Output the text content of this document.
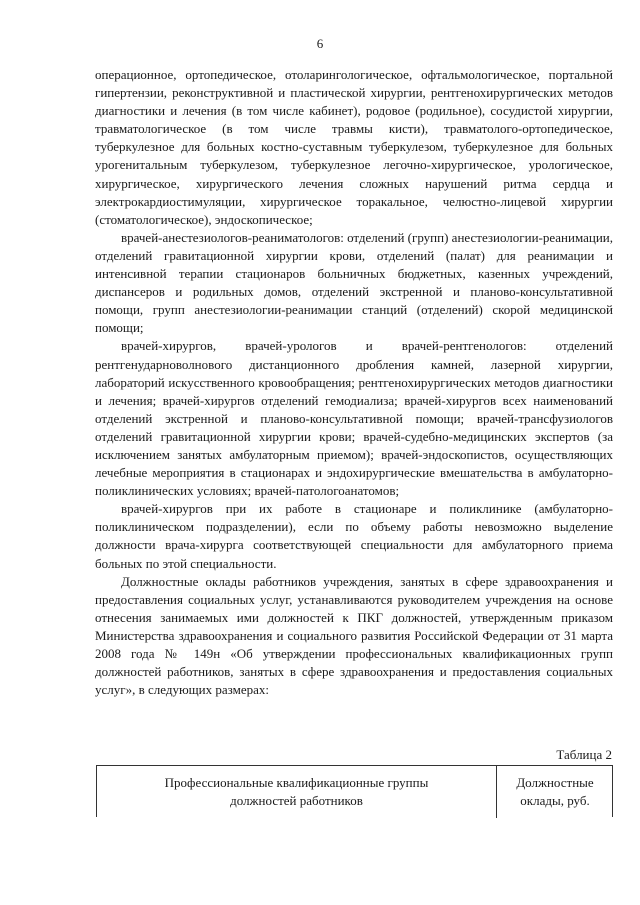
6

операционное, ортопедическое, отоларингологическое, офтальмологическое, портальной гипертензии, реконструктивной и пластической хирургии, рентгенохирургических методов диагностики и лечения (в том числе кабинет), родовое (родильное), сосудистой хирургии, травматологическое (в том числе травмы кисти), травматолого-ортопедическое, туберкулезное для больных костно-суставным туберкулезом, туберкулезное для больных урогенитальным туберкулезом, туберкулезное легочно-хирургическое, урологическое, хирургическое, хирургического лечения сложных нарушений ритма сердца и электрокардиостимуляции, хирургическое торакальное, челюстно-лицевой хирургии (стоматологическое), эндоскопическое;

врачей-анестезиологов-реаниматологов: отделений (групп) анестезиологии-реанимации, отделений гравитационной хирургии крови, отделений (палат) для реанимации и интенсивной терапии стационаров больничных бюджетных, казенных учреждений, диспансеров и родильных домов, отделений экстренной и планово-консультативной помощи, групп анестезиологии-реанимации станций (отделений) скорой медицинской помощи;

врачей-хирургов, врачей-урологов и врачей-рентгенологов: отделений рентгенударноволнового дистанционного дробления камней, лазерной хирургии, лабораторий искусственного кровообращения; рентгенохирургических методов диагностики и лечения; врачей-хирургов отделений гемодиализа; врачей-хирургов всех наименований отделений экстренной и планово-консультативной помощи; врачей-трансфузиологов отделений гравитационной хирургии крови; врачей-судебно-медицинских экспертов (за исключением занятых амбулаторным приемом); врачей-эндоскопистов, осуществляющих лечебные мероприятия в стационарах и эндохирургические вмешательства в амбулаторно-поликлинических условиях; врачей-патологоанатомов;

врачей-хирургов при их работе в стационаре и поликлинике (амбулаторно-поликлиническом подразделении), если по объему работы невозможно выделение должности врача-хирурга соответствующей специальности для амбулаторного приема больных по этой специальности.

Должностные оклады работников учреждения, занятых в сфере здравоохранения и предоставления социальных услуг, устанавливаются руководителем учреждения на основе отнесения занимаемых ими должностей к ПКГ должностей, утвержденным приказом Министерства здравоохранения и социального развития Российской Федерации от 31 марта 2008 года № 149н «Об утверждении профессиональных квалификационных групп должностей работников, занятых в сфере здравоохранения и предоставления социальных услуг», в следующих размерах:

Таблица 2
Профессиональные квалификационные группы должностей работников
Должностные оклады, руб.
